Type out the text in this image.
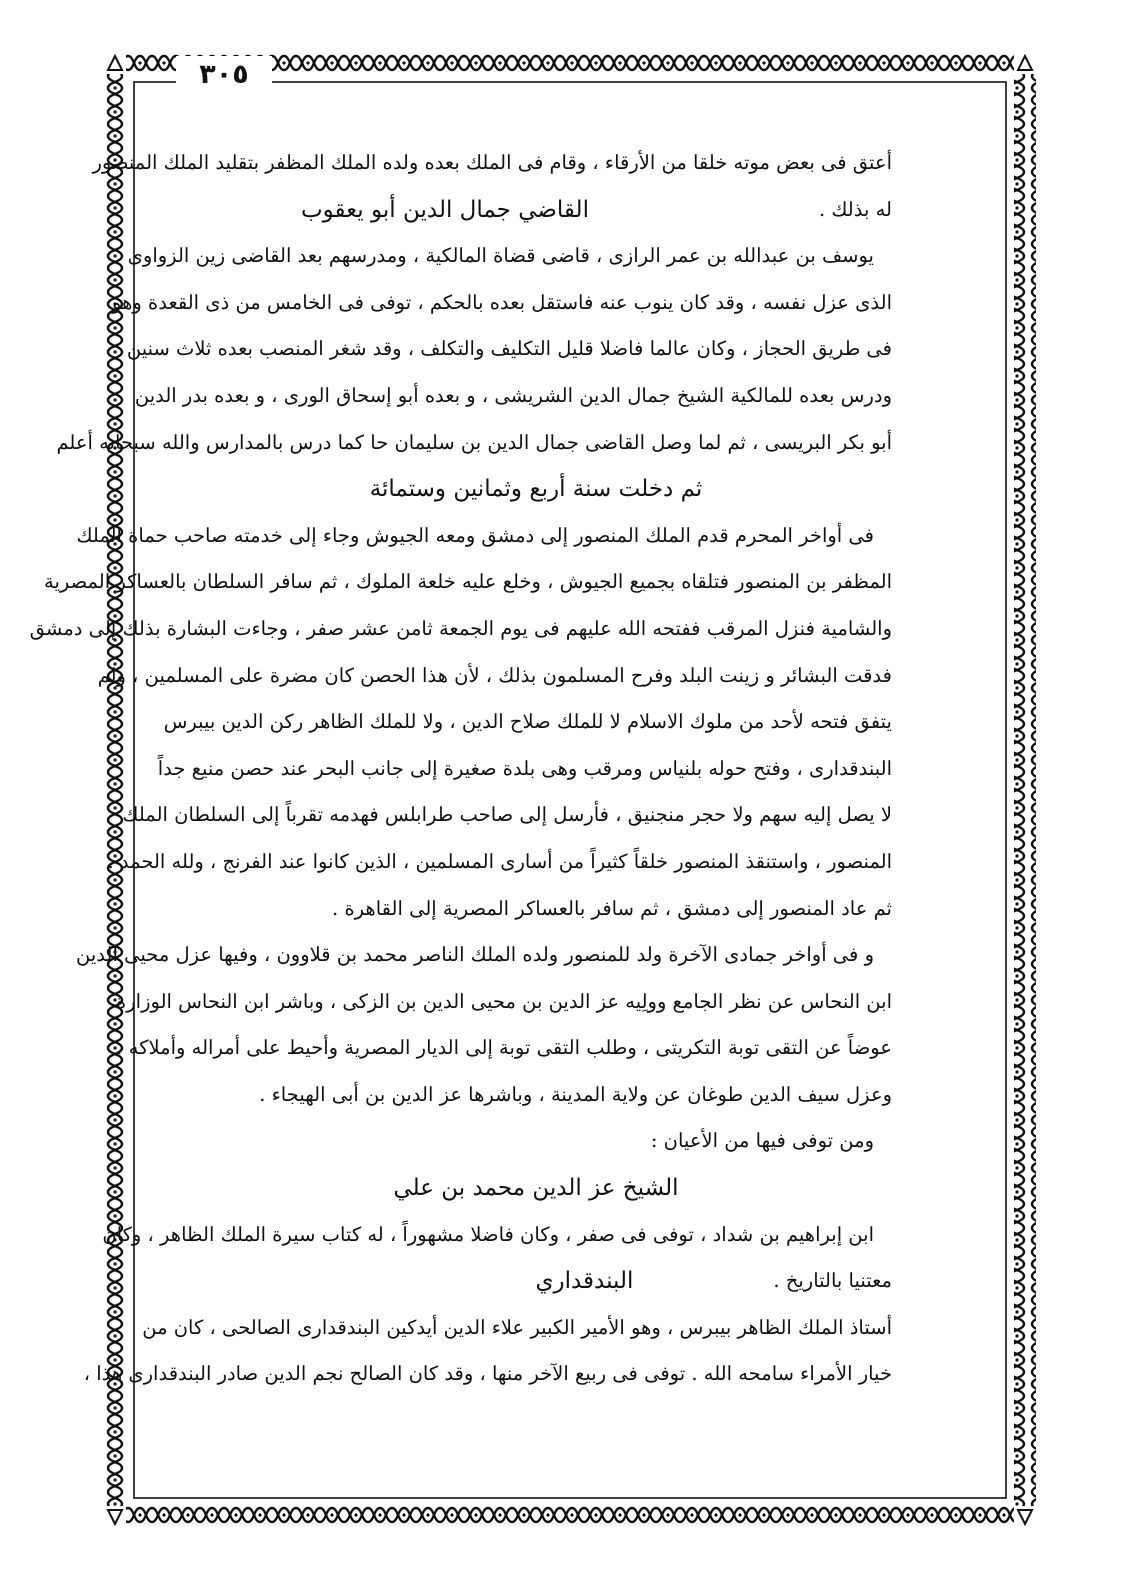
٣٠٥
أعتق فى بعض موته خلقا من الأرقاء ، وقام فى الملك بعده ولده الملك المظفر بتقليد الملك المنصور
له بذلك .
القاضي جمال الدين أبو يعقوب
يوسف بن عبدالله بن عمر الرازى ، قاضى قضاة المالكية ، ومدرسهم بعد القاضى زين الزواوى
الذى عزل نفسه ، وقد كان ينوب عنه فاستقل بعده بالحكم ، توفى فى الخامس من ذى القعدة وهو
فى طريق الحجاز ، وكان عالما فاضلا قليل التكليف والتكلف ، وقد شغر المنصب بعده ثلاث سنين
ودرس بعده للمالكية الشيخ جمال الدين الشريشى ، و بعده أبو إسحاق الورى ، و بعده بدر الدين
أبو بكر البريسى ، ثم لما وصل القاضى جمال الدين بن سليمان حا كما درس بالمدارس والله سبحانه أعلم
ثم دخلت سنة أربع وثمانين وستمائة
فى أواخر المحرم قدم الملك المنصور إلى دمشق ومعه الجيوش وجاء إلى خدمته صاحب حماة الملك
المظفر بن المنصور فتلقاه بجميع الجيوش ، وخلع عليه خلعة الملوك ، ثم سافر السلطان بالعساكر المصرية
والشامية فنزل المرقب ففتحه الله عليهم فى يوم الجمعة ثامن عشر صفر ، وجاءت البشارة بذلك إلى دمشق
فدقت البشائر و زينت البلد وفرح المسلمون بذلك ، لأن هذا الحصن كان مضرة على المسلمين ، ولم
يتفق فتحه لأحد من ملوك الاسلام لا للملك صلاح الدين ، ولا للملك الظاهر ركن الدين بيبرس
البندقدارى ، وفتح حوله بلنياس ومرقب وهى بلدة صغيرة إلى جانب البحر عند حصن منيع جداً
لا يصل إليه سهم ولا حجر منجنيق ، فأرسل إلى صاحب طرابلس فهدمه تقرباً إلى السلطان الملك
المنصور ، واستنقذ المنصور خلقاً كثيراً من أسارى المسلمين ، الذين كانوا عند الفرنج ، ولله الحمد .
ثم عاد المنصور إلى دمشق ، ثم سافر بالعساكر المصرية إلى القاهرة .
و فى أواخر جمادى الآخرة ولد للمنصور ولده الملك الناصر محمد بن قلاوون ، وفيها عزل محيى الدين
ابن النحاس عن نظر الجامع وولِيه عز الدين بن محيى الدين بن الزكى ، وباشر ابن النحاس الوزارة
عوضاً عن التقى توبة التكريتى ، وطلب التقى توبة إلى الديار المصرية وأحيط على أمراله وأملاكه ،
وعزل سيف الدين طوغان عن ولاية المدينة ، وباشرها عز الدين بن أبى الهيجاء .
ومن توفى فيها من الأعيان :
الشيخ عز الدين محمد بن علي
ابن إبراهيم بن شداد ، توفى فى صفر ، وكان فاضلا مشهوراً ، له كتاب سيرة الملك الظاهر ، وكان
معتنيا بالتاريخ .
البندقداري
أستاذ الملك الظاهر بيبرس ، وهو الأمير الكبير علاء الدين أيدكين البندقدارى الصالحى ، كان من
خيار الأمراء سامحه الله . توفى فى ربيع الآخر منها ، وقد كان الصالح نجم الدين صادر البندقدارى هذا ،
